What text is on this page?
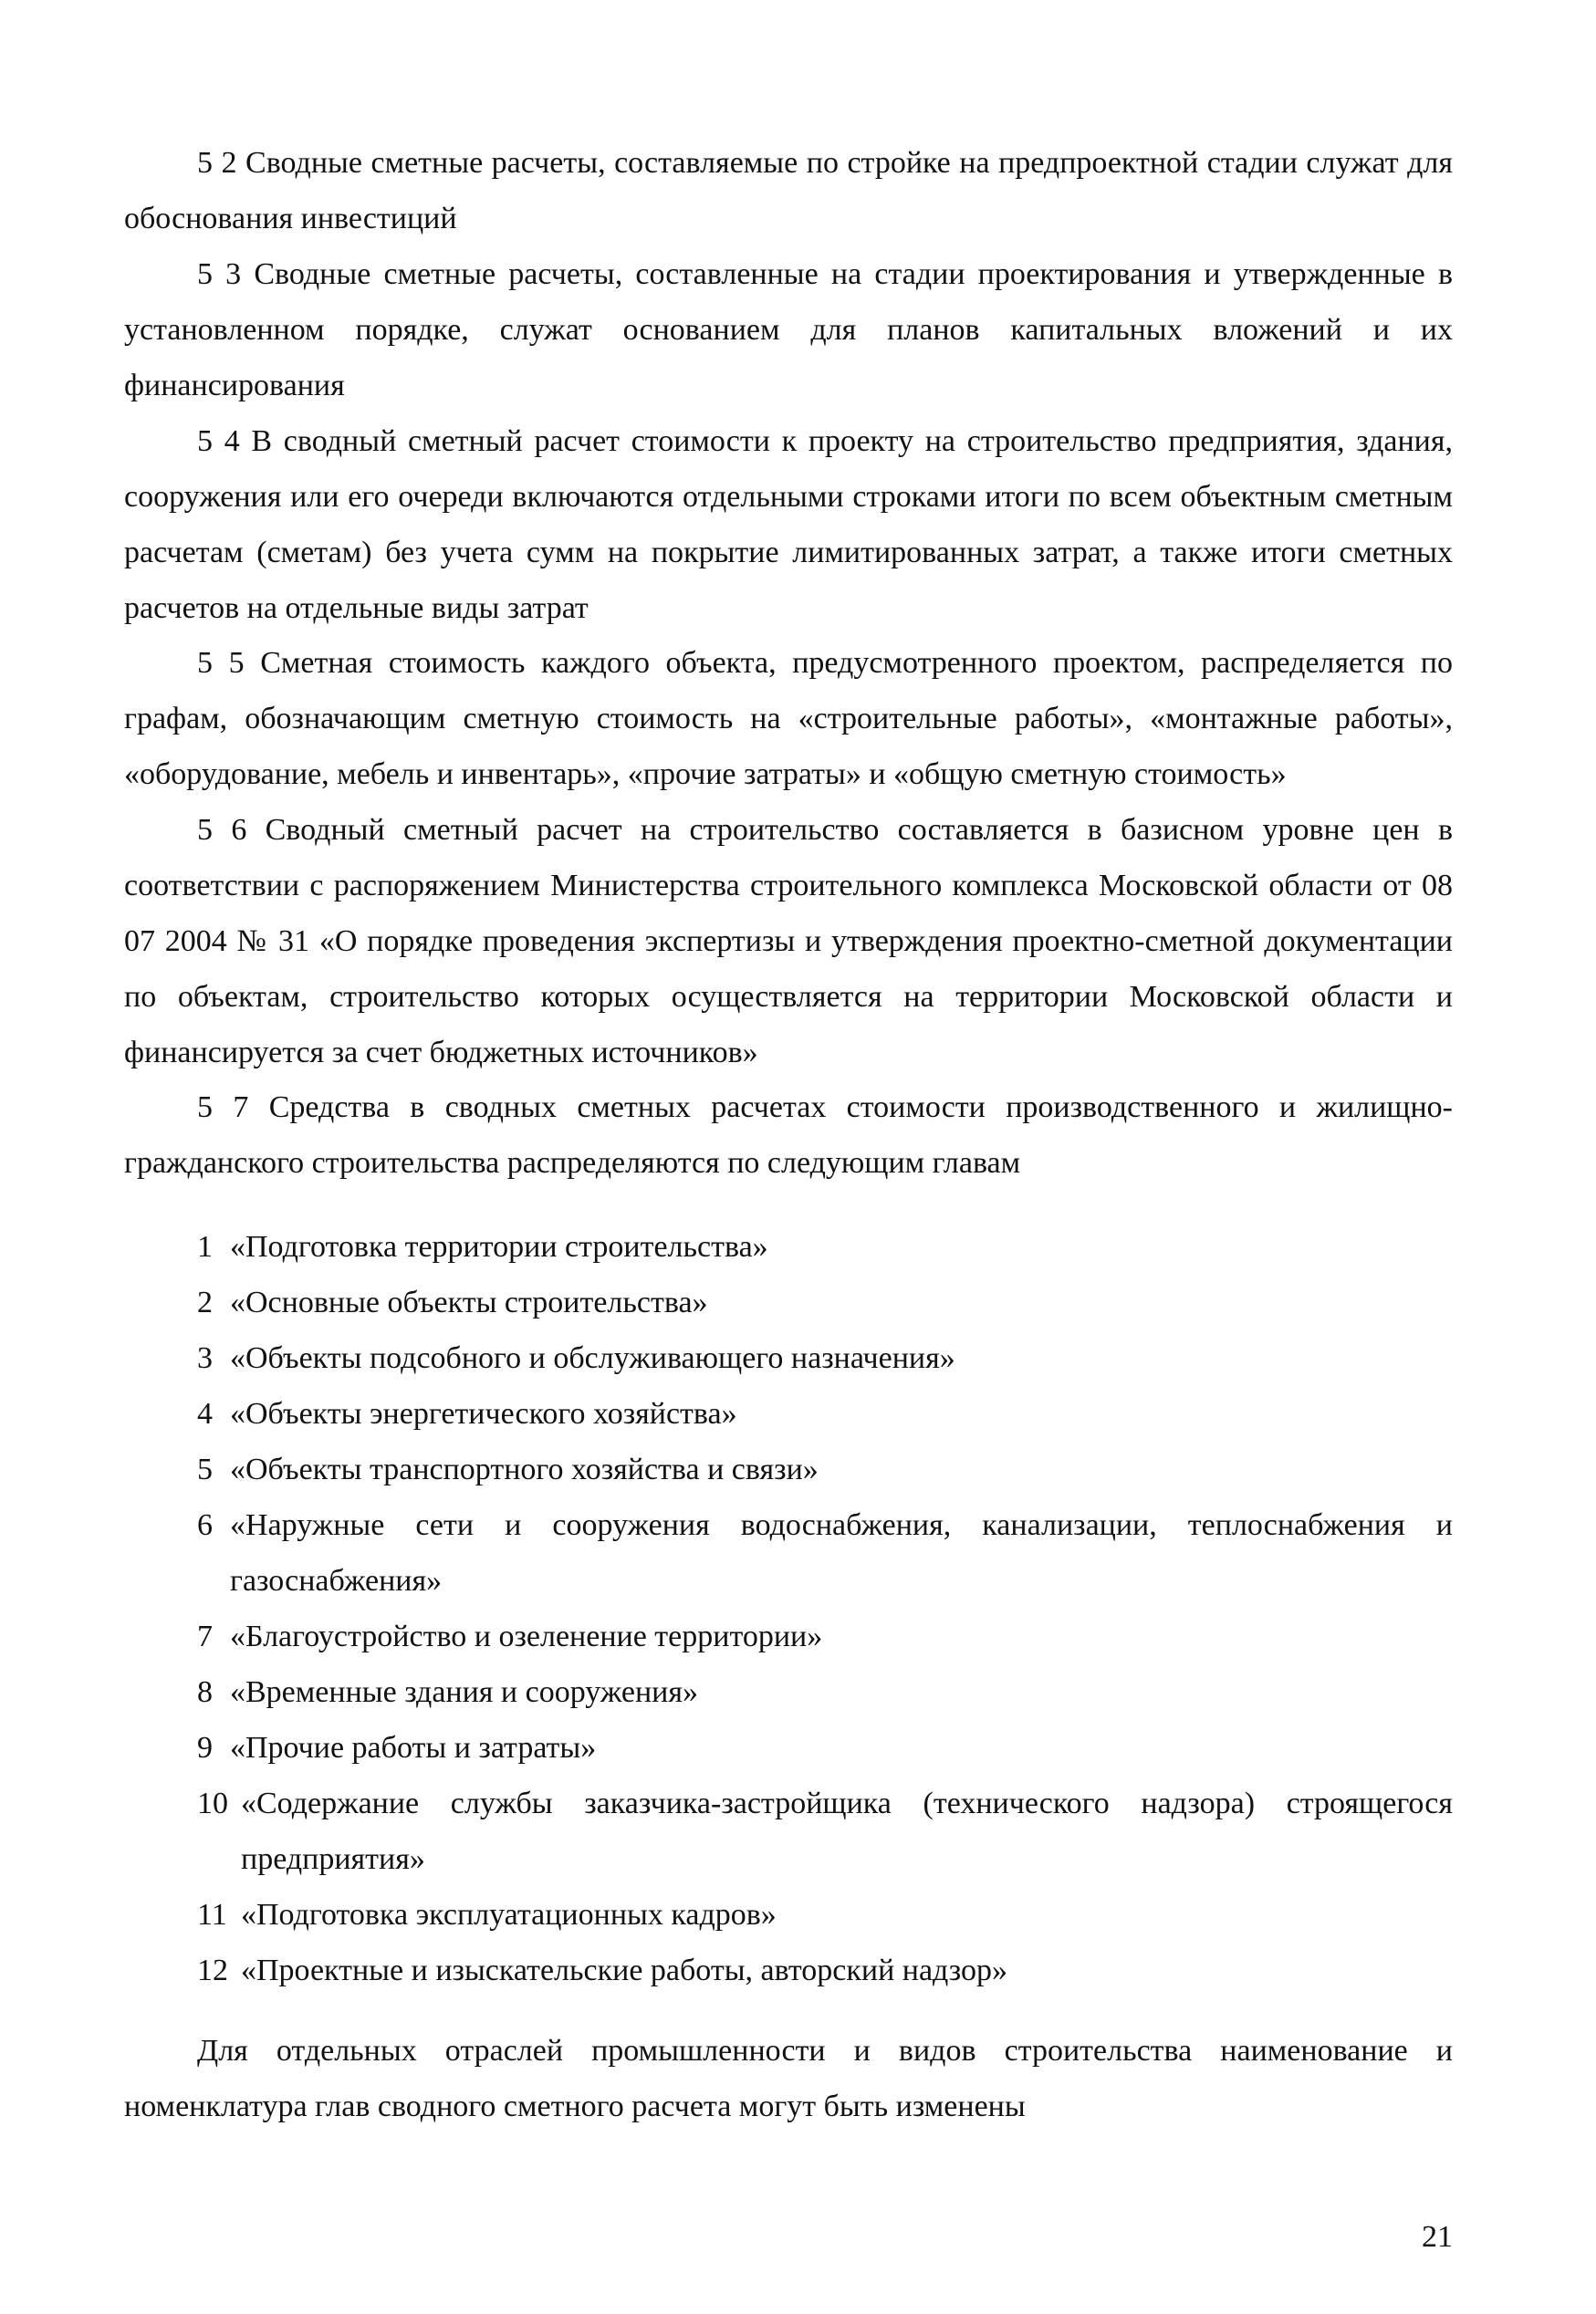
5 2 Сводные сметные расчеты, составляемые по стройке на предпроектной стадии служат для обоснования инвестиций

5 3 Сводные сметные расчеты, составленные на стадии проектирования и утвержденные в установленном порядке, служат основанием для планов капитальных вложений и их финансирования

5 4 В сводный сметный расчет стоимости к проекту на строительство предприятия, здания, сооружения или его очереди включаются отдельными строками итоги по всем объектным сметным расчетам (сметам) без учета сумм на покрытие лимитированных затрат, а также итоги сметных расчетов на отдельные виды затрат

5 5 Сметная стоимость каждого объекта, предусмотренного проектом, распределяется по графам, обозначающим сметную стоимость на «строительные работы», «монтажные работы», «оборудование, мебель и инвентарь», «прочие затраты» и «общую сметную стоимость»

5 6 Сводный сметный расчет на строительство составляется в базисном уровне цен в соответствии с распоряжением Министерства строительного комплекса Московской области от 08 07 2004 № 31 «О порядке проведения экспертизы и утверждения проектно-сметной документации по объектам, строительство которых осуществляется на территории Московской области и финансируется за счет бюджетных источников»

5 7 Средства в сводных сметных расчетах стоимости производственного и жилищно-гражданского строительства распределяются по следующим главам

1 «Подготовка территории строительства»
2 «Основные объекты строительства»
3 «Объекты подсобного и обслуживающего назначения»
4 «Объекты энергетического хозяйства»
5 «Объекты транспортного хозяйства и связи»
6 «Наружные сети и сооружения водоснабжения, канализации, теплоснабжения и газоснабжения»
7 «Благоустройство и озеленение территории»
8 «Временные здания и сооружения»
9 «Прочие работы и затраты»
10 «Содержание службы заказчика-застройщика (технического надзора) строящегося предприятия»
11 «Подготовка эксплуатационных кадров»
12 «Проектные и изыскательские работы, авторский надзор»

Для отдельных отраслей промышленности и видов строительства наименование и номенклатура глав сводного сметного расчета могут быть изменены

21
